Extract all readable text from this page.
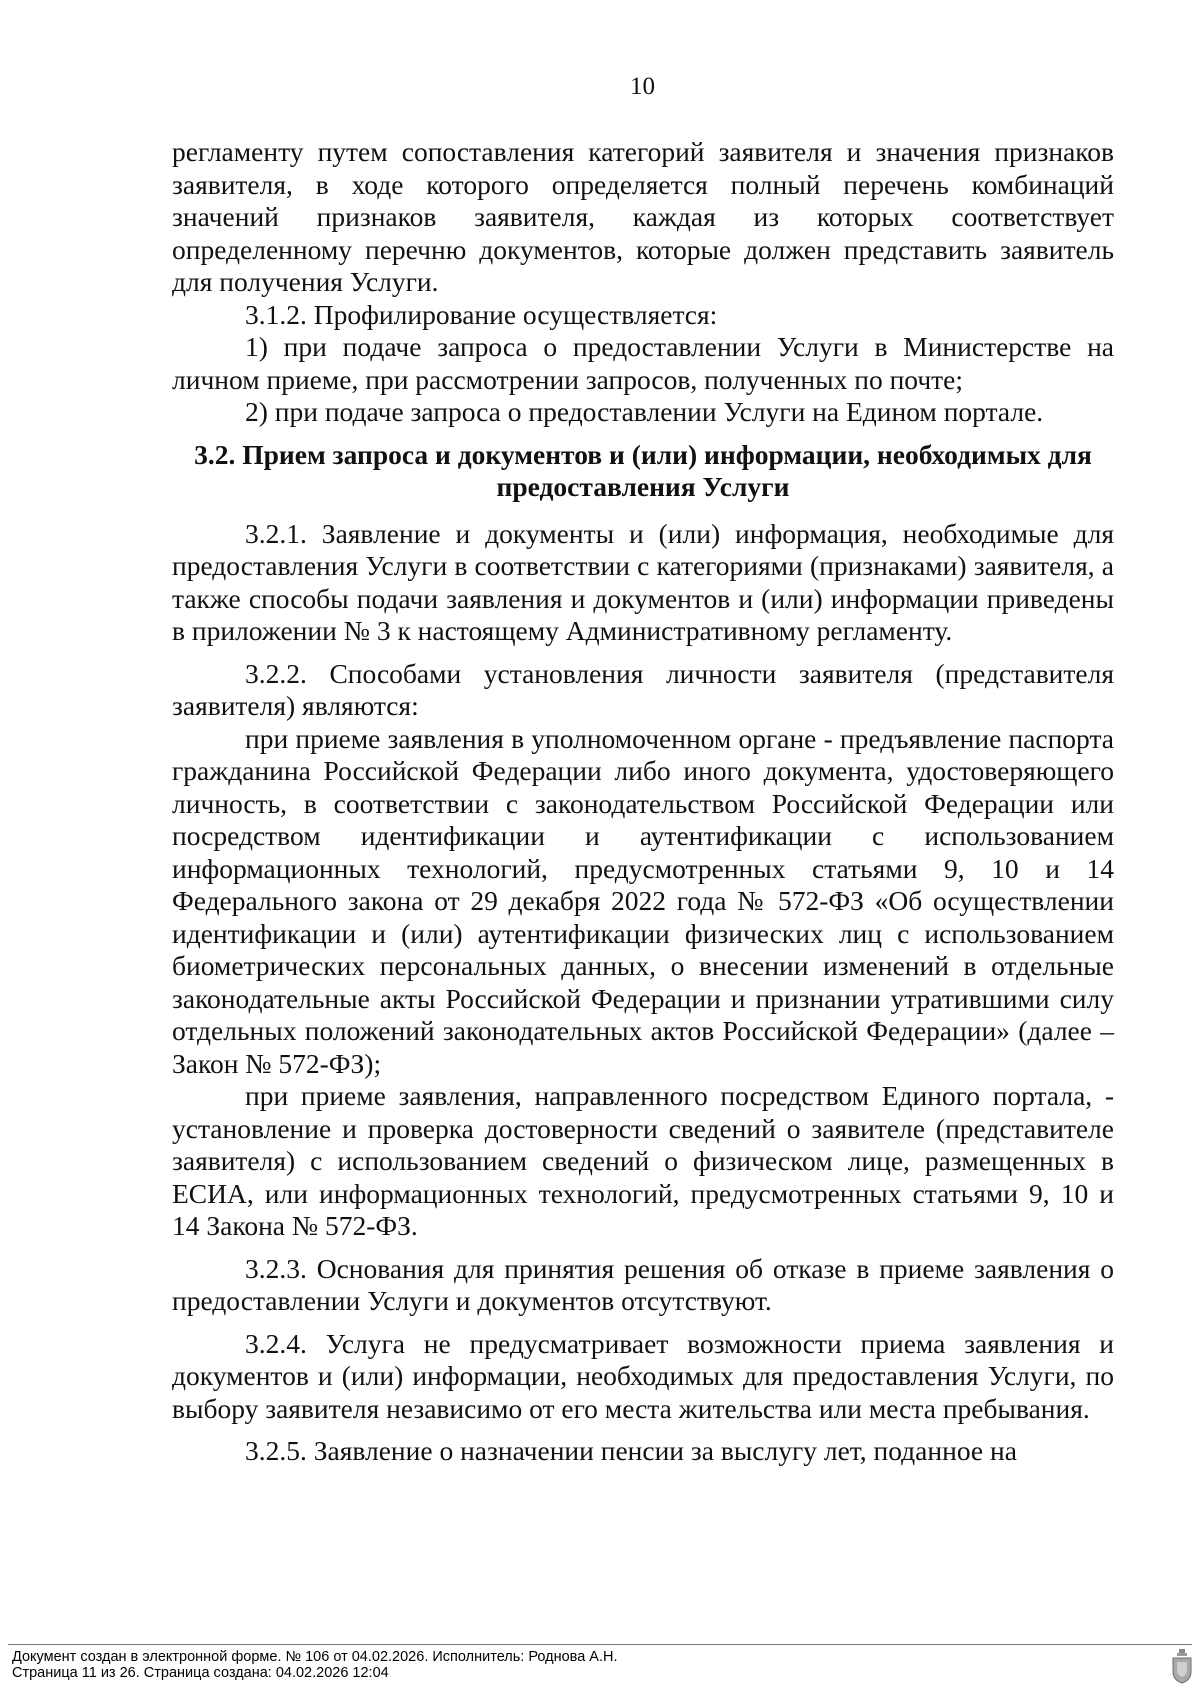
10

регламенту путем сопоставления категорий заявителя и значения признаков заявителя, в ходе которого определяется полный перечень комбинаций значений признаков заявителя, каждая из которых соответствует определенному перечню документов, которые должен представить заявитель для получения Услуги.

3.1.2. Профилирование осуществляется:

1) при подаче запроса о предоставлении Услуги в Министерстве на личном приеме, при рассмотрении запросов, полученных по почте;

2) при подаче запроса о предоставлении Услуги на Едином портале.

3.2. Прием запроса и документов и (или) информации, необходимых для предоставления Услуги

3.2.1. Заявление и документы и (или) информация, необходимые для предоставления Услуги в соответствии с категориями (признаками) заявителя, а также способы подачи заявления и документов и (или) информации приведены в приложении № 3 к настоящему Административному регламенту.

3.2.2. Способами установления личности заявителя (представителя заявителя) являются:

при приеме заявления в уполномоченном органе - предъявление паспорта гражданина Российской Федерации либо иного документа, удостоверяющего личность, в соответствии с законодательством Российской Федерации или посредством идентификации и аутентификации с использованием информационных технологий, предусмотренных статьями 9, 10 и 14 Федерального закона от 29 декабря 2022 года № 572-ФЗ «Об осуществлении идентификации и (или) аутентификации физических лиц с использованием биометрических персональных данных, о внесении изменений в отдельные законодательные акты Российской Федерации и признании утратившими силу отдельных положений законодательных актов Российской Федерации» (далее – Закон № 572-ФЗ);

при приеме заявления, направленного посредством Единого портала, - установление и проверка достоверности сведений о заявителе (представителе заявителя) с использованием сведений о физическом лице, размещенных в ЕСИА, или информационных технологий, предусмотренных статьями 9, 10 и 14 Закона № 572-ФЗ.

3.2.3. Основания для принятия решения об отказе в приеме заявления о предоставлении Услуги и документов отсутствуют.

3.2.4. Услуга не предусматривает возможности приема заявления и документов и (или) информации, необходимых для предоставления Услуги, по выбору заявителя независимо от его места жительства или места пребывания.

3.2.5. Заявление о назначении пенсии за выслугу лет, поданное на

Документ создан в электронной форме. № 106 от 04.02.2026. Исполнитель: Роднова А.Н.
Страница 11 из 26. Страница создана: 04.02.2026 12:04
